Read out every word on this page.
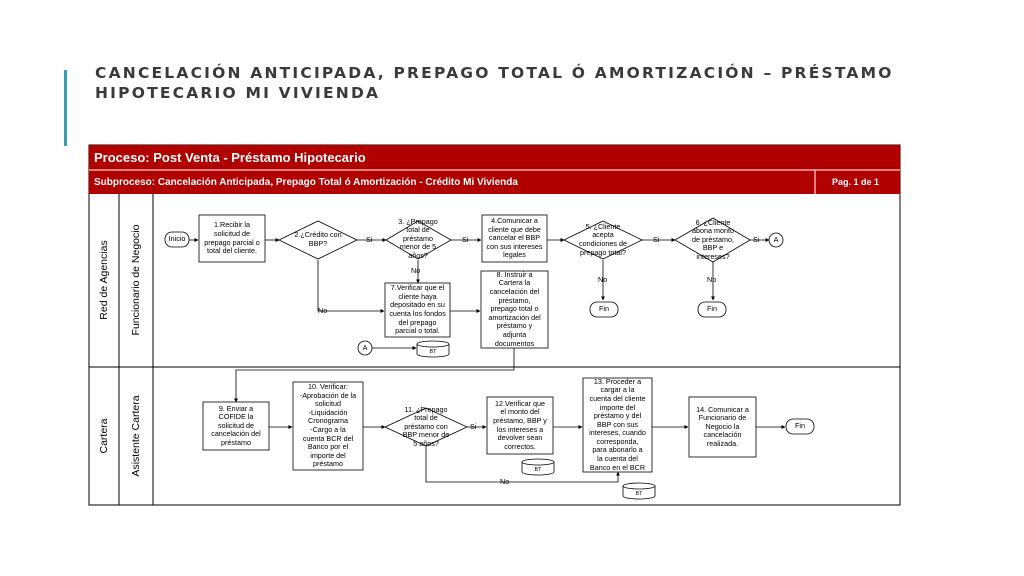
CANCELACIÓN ANTICIPADA, PREPAGO TOTAL Ó AMORTIZACIÓN – PRÉSTAMO HIPOTECARIO MI VIVIENDA
Proceso: Post Venta - Préstamo Hipotecario
Subproceso: Cancelación Anticipada, Prepago Total ó Amortización - Crédito Mi Vivienda	Pag. 1 de 1
Red de Agencias Funcionario de Negocio
Cartera Asistente Cartera
Inicio
1.Recibir la
solicitud de
prepago parcial o
total del cliente.
2.¿Crédito con
BBP?
3. ¿Prepago
total de
préstamo
menor de 5
años?
4.Comunicar a
cliente que debe
cancelar el BBP
con sus intereses
legales
5. ¿Cliente
acepta
condiciones de
prepago total?
6. ¿Cliente
abona monto
de préstamo,
BBP e
intereses?
A
7.Verificar que el
cliente haya
depositado en su
cuenta los fondos
del prepago
parcial o total.
8. Instruir a
Cartera la
cancelación del
préstamo,
prepago total o
amortización del
préstamo y
adjunta
documentos
Fin	Fin
A
BT
9. Enviar a
COFIDE la
solicitud de
cancelación del
préstamo
10. Verificar:
-Aprobación de la
solicitud
-Liquidación
Cronograma
-Cargo a la
cuenta BCR del
Banco por el
importe del
préstamo
11. ¿Prepago
total de
préstamo con
BBP menor de
5 años?
12.Verificar que
el monto del
préstamo, BBP y
los intereses a
devolver sean
correctos.
BT
13. Proceder a
cargar a la
cuenta del cliente
importe del
préstamo y del
BBP con sus
intereses, cuando
corresponda,
para abonarlo a
la cuenta del
Banco en el BCR
BT
14. Comunicar a
Funcionario de
Negocio la
cancelación
realizada.
Fin
Si
No
Si
No
Si
No
Si
No
Si
No
